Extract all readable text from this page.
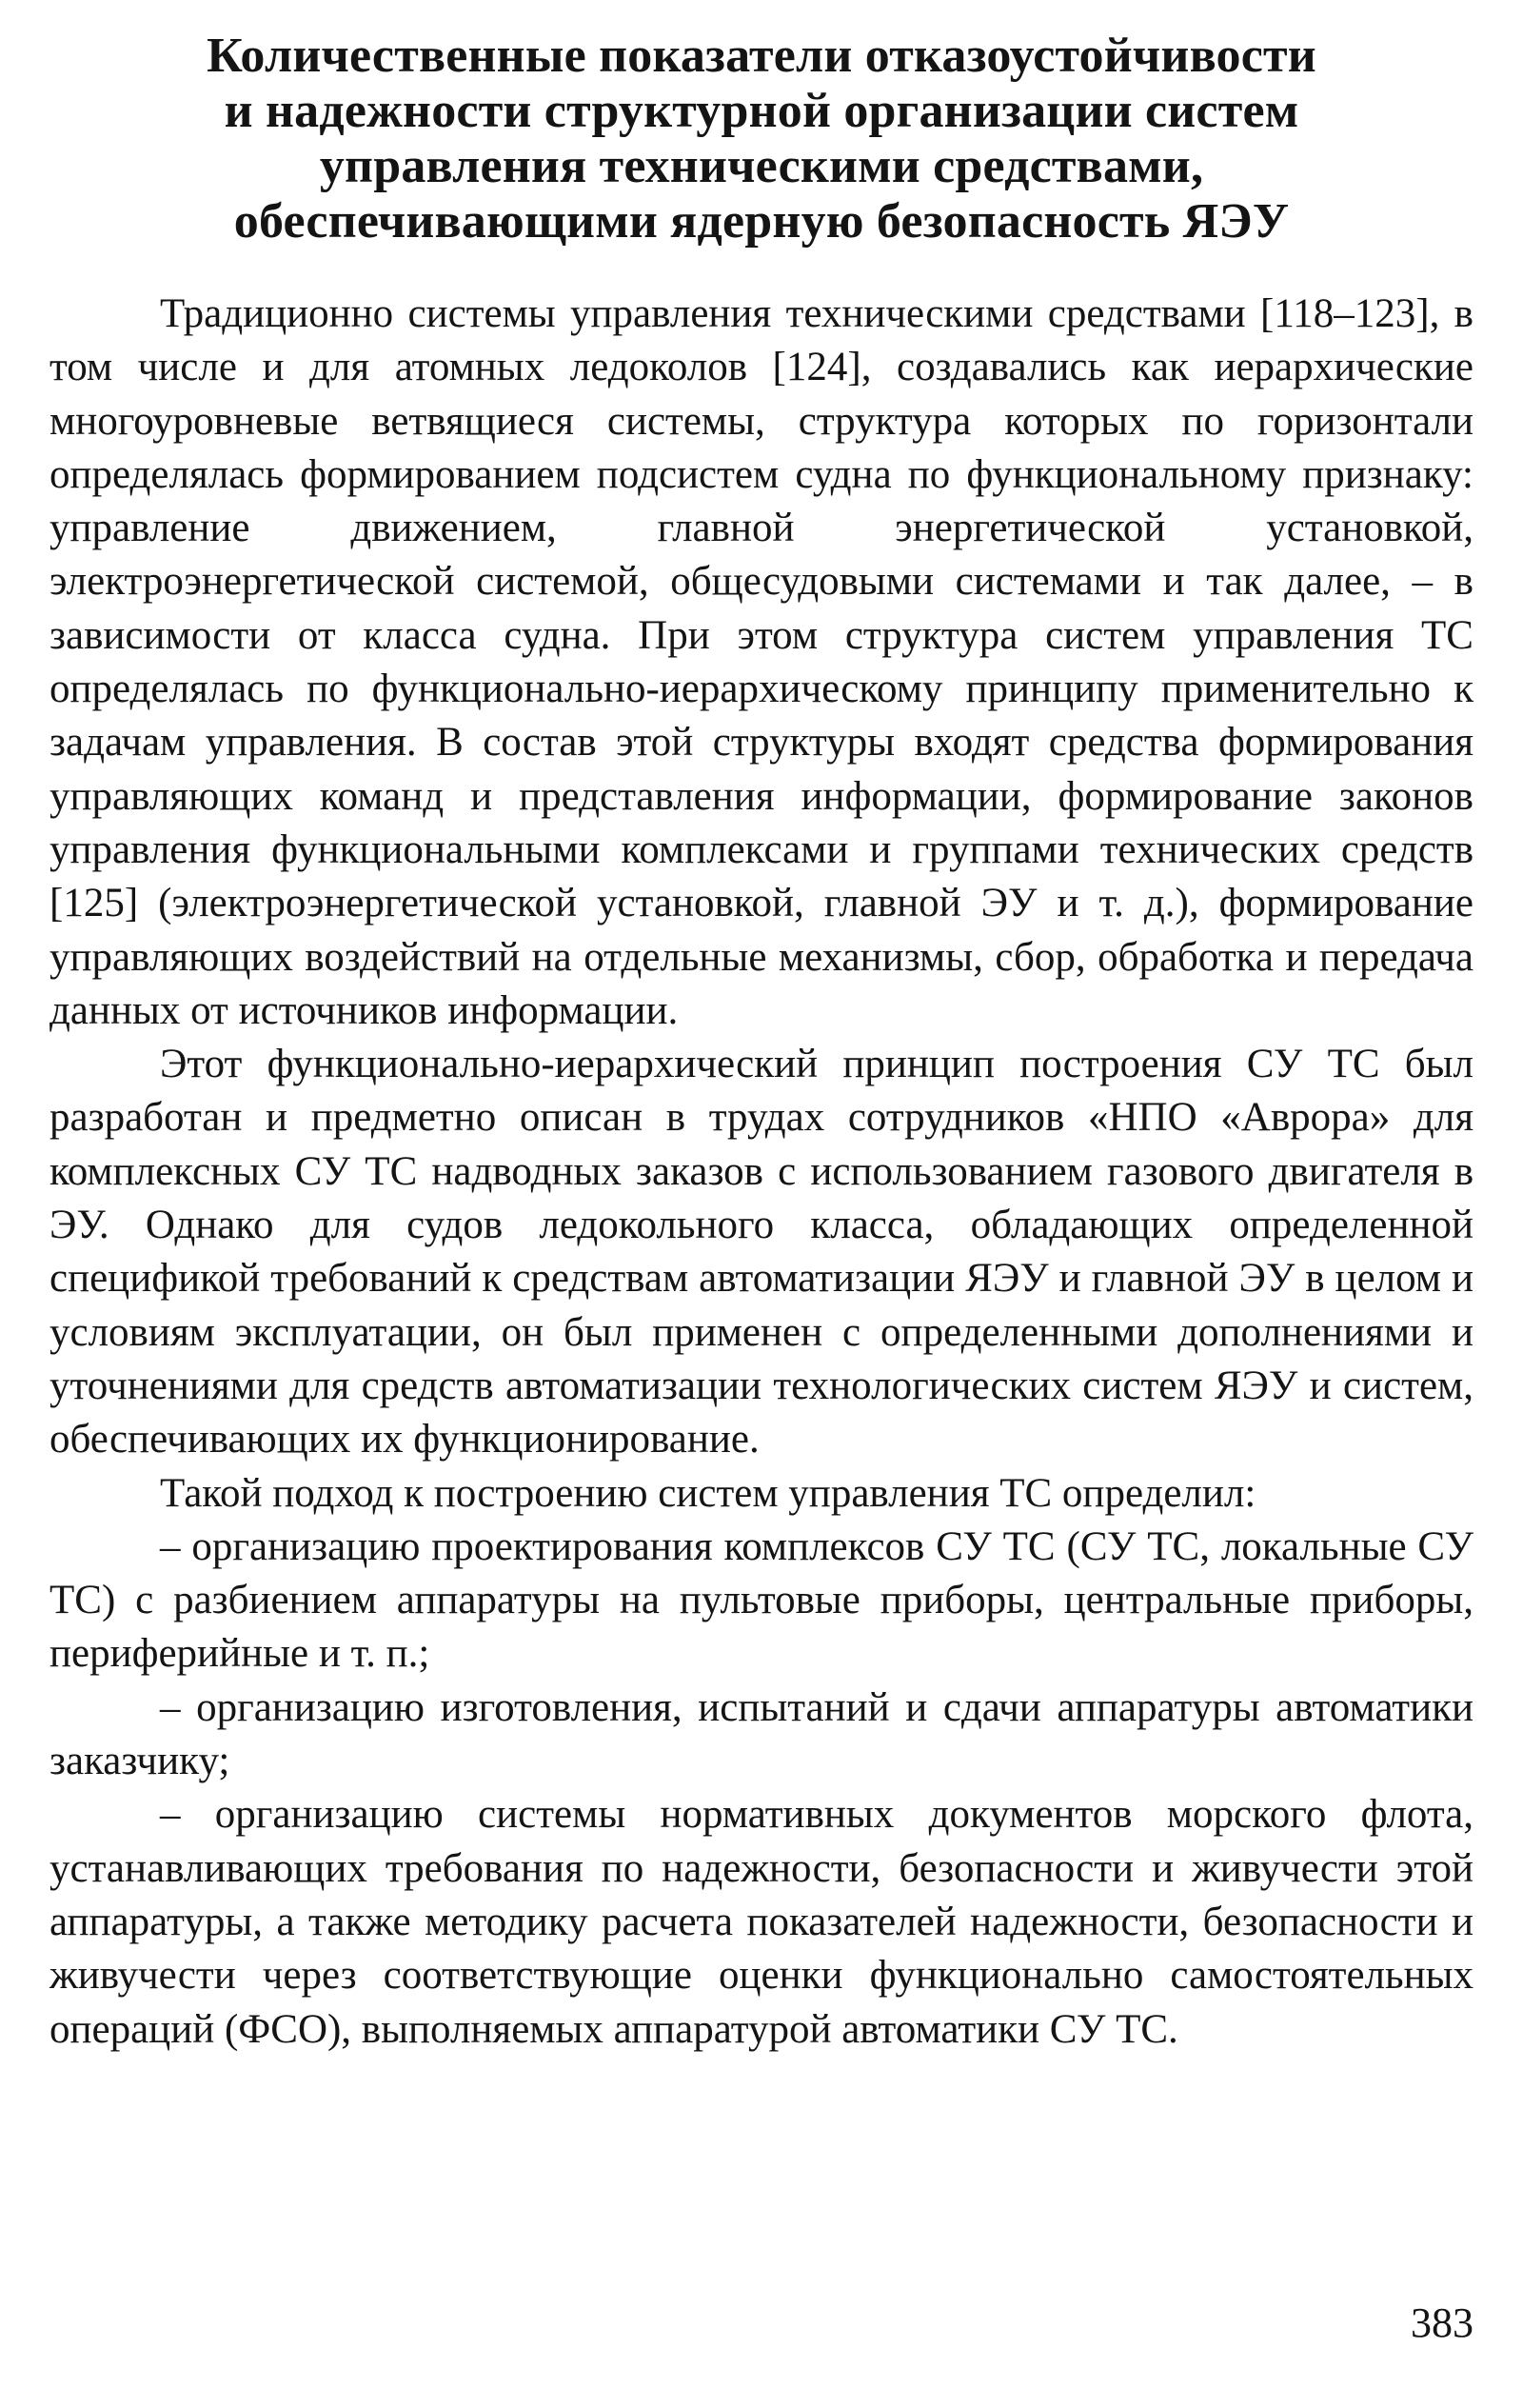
Количественные показатели отказоустойчивости
и надежности структурной организации систем
управления техническими средствами,
обеспечивающими ядерную безопасность ЯЭУ

Традиционно системы управления техническими средствами [118–123], в том числе и для атомных ледоколов [124], создавались как иерархические многоуровневые ветвящиеся системы, структура которых по горизонтали определялась формированием подсистем судна по функциональному признаку: управление движением, главной энергетической установкой, электроэнергетической системой, общесудовыми системами и так далее, – в зависимости от класса судна. При этом структура систем управления ТС определялась по функционально-иерархическому принципу применительно к задачам управления. В состав этой структуры входят средства формирования управляющих команд и представления информации, формирование законов управления функциональными комплексами и группами технических средств [125] (электроэнергетической установкой, главной ЭУ и т. д.), формирование управляющих воздействий на отдельные механизмы, сбор, обработка и передача данных от источников информации.

Этот функционально-иерархический принцип построения СУ ТС был разработан и предметно описан в трудах сотрудников «НПО «Аврора» для комплексных СУ ТС надводных заказов с использованием газового двигателя в ЭУ. Однако для судов ледокольного класса, обладающих определенной спецификой требований к средствам автоматизации ЯЭУ и главной ЭУ в целом и условиям эксплуатации, он был применен с определенными дополнениями и уточнениями для средств автоматизации технологических систем ЯЭУ и систем, обеспечивающих их функционирование.

Такой подход к построению систем управления ТС определил:

– организацию проектирования комплексов СУ ТС (СУ ТС, локальные СУ ТС) с разбиением аппаратуры на пультовые приборы, центральные приборы, периферийные и т. п.;

– организацию изготовления, испытаний и сдачи аппаратуры автоматики заказчику;

– организацию системы нормативных документов морского флота, устанавливающих требования по надежности, безопасности и живучести этой аппаратуры, а также методику расчета показателей надежности, безопасности и живучести через соответствующие оценки функционально самостоятельных операций (ФСО), выполняемых аппаратурой автоматики СУ ТС.

383
